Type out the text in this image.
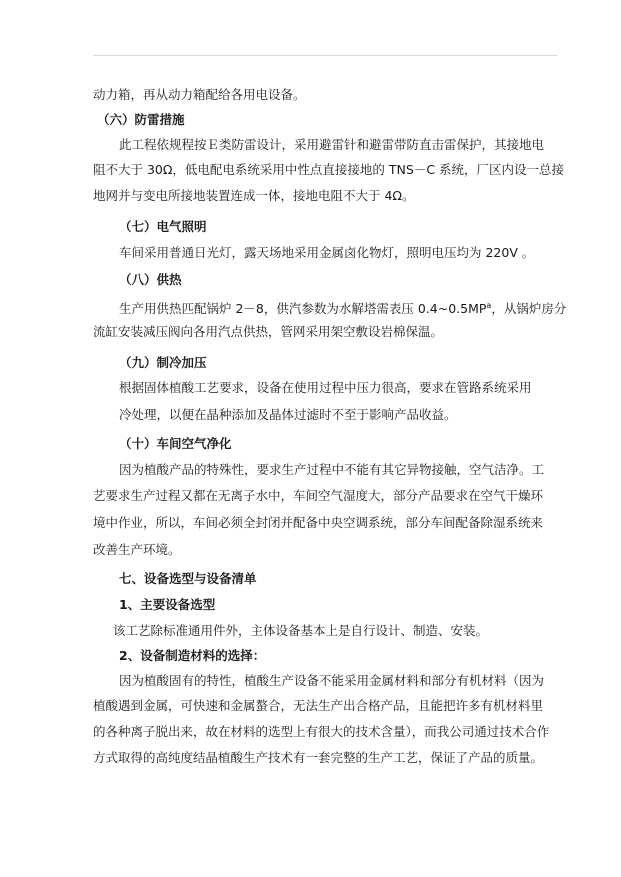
动力箱，再从动力箱配给各用电设备。
（六）防雷措施
此工程依规程按Ｅ类防雷设计，采用避雷针和避雷带防直击雷保护，其接地电
阻不大于 30Ω，低电配电系统采用中性点直接接地的 TNS－C 系统，厂区内设一总接
地网并与变电所接地装置连成一体，接地电阻不大于 4Ω。
（七）电气照明
车间采用普通日光灯，露天场地采用金属卤化物灯，照明电压均为 220V 。
（八）供热
生产用供热匹配锅炉 2－8，供汽参数为水解塔需表压 $0.4\sim 0.5MP^a$，从锅炉房分
流缸安装减压阀向各用汽点供热，管网采用架空敷设岩棉保温。
（九）制冷加压
根据固体植酸工艺要求，设备在使用过程中压力很高，要求在管路系统采用
冷处理，以便在晶种添加及晶体过滤时不至于影响产品收益。
（十）车间空气净化
因为植酸产品的特殊性，要求生产过程中不能有其它异物接触，空气洁净。工
艺要求生产过程又都在无离子水中，车间空气湿度大，部分产品要求在空气干燥环
境中作业，所以，车间必须全封闭并配备中央空调系统，部分车间配备除湿系统来
改善生产环境。
七、设备选型与设备清单
1、主要设备选型
该工艺除标准通用件外，主体设备基本上是自行设计、制造、安装。
2、设备制造材料的选择：
因为植酸固有的特性，植酸生产设备不能采用金属材料和部分有机材料（因为
植酸遇到金属，可快速和金属螯合，无法生产出合格产品，且能把许多有机材料里
的各种离子脱出来，故在材料的选型上有很大的技术含量），而我公司通过技术合作
方式取得的高纯度结晶植酸生产技术有一套完整的生产工艺，保证了产品的质量。
